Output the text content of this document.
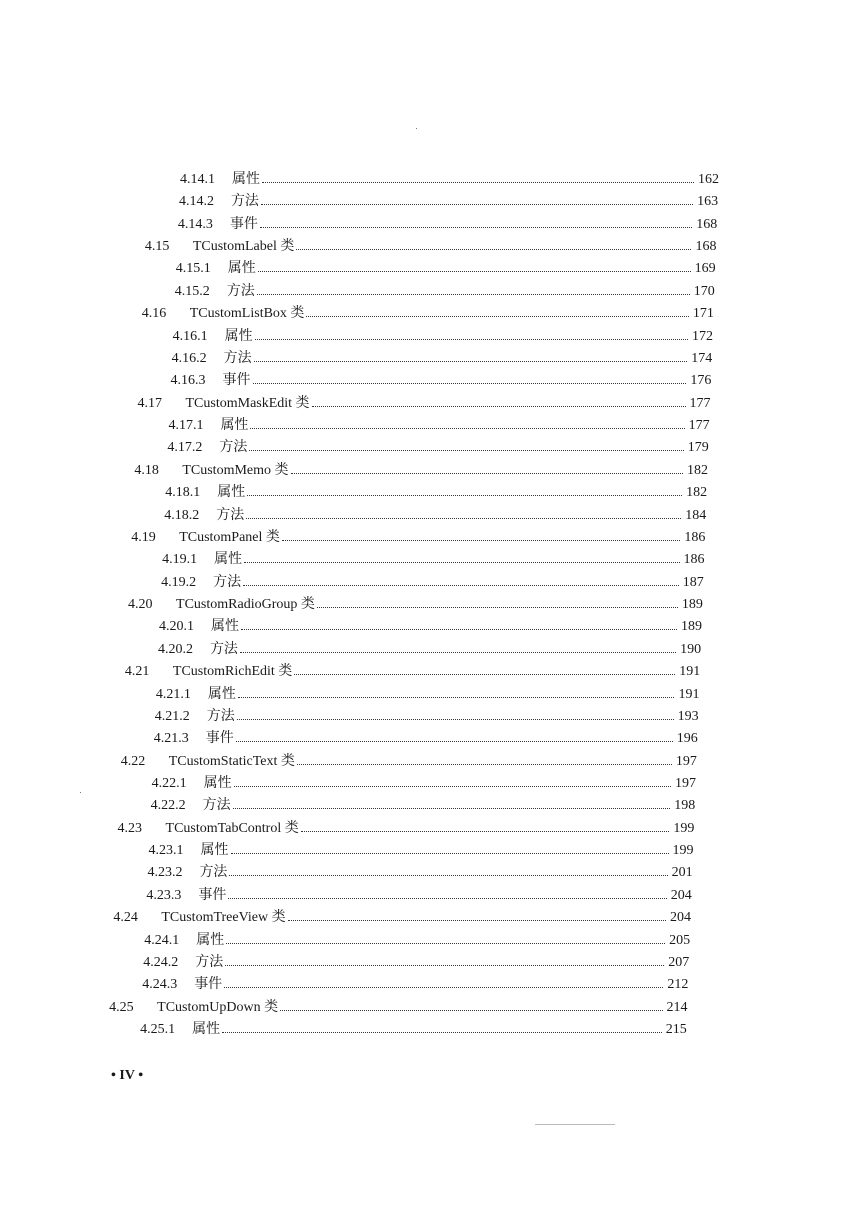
4.14.1	属性	162
4.14.2	方法	163
4.14.3	事件	168
4.15	TCustomLabel 类	168
4.15.1	属性	169
4.15.2	方法	170
4.16	TCustomListBox 类	171
4.16.1	属性	172
4.16.2	方法	174
4.16.3	事件	176
4.17	TCustomMaskEdit 类	177
4.17.1	属性	177
4.17.2	方法	179
4.18	TCustomMemo 类	182
4.18.1	属性	182
4.18.2	方法	184
4.19	TCustomPanel 类	186
4.19.1	属性	186
4.19.2	方法	187
4.20	TCustomRadioGroup 类	189
4.20.1	属性	189
4.20.2	方法	190
4.21	TCustomRichEdit 类	191
4.21.1	属性	191
4.21.2	方法	193
4.21.3	事件	196
4.22	TCustomStaticText 类	197
4.22.1	属性	197
4.22.2	方法	198
4.23	TCustomTabControl 类	199
4.23.1	属性	199
4.23.2	方法	201
4.23.3	事件	204
4.24	TCustomTreeView 类	204
4.24.1	属性	205
4.24.2	方法	207
4.24.3	事件	212
4.25	TCustomUpDown 类	214
4.25.1	属性	215
• IV •
